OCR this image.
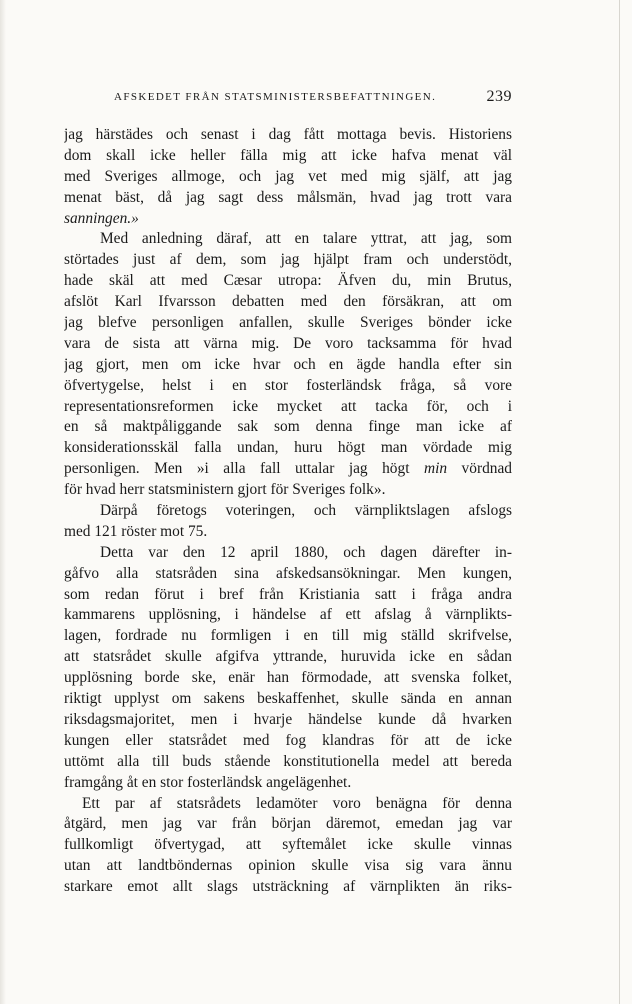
AFSKEDET FRÅN STATSMINISTERSBEFATTNINGEN.	239
jag härstädes och senast i dag fått mottaga bevis. Historiens
dom skall icke heller fälla mig att icke hafva menat väl
med Sveriges allmoge, och jag vet med mig själf, att jag
menat bäst, då jag sagt dess målsmän, hvad jag trott vara
sanningen.»
Med anledning däraf, att en talare yttrat, att jag, som
störtades just af dem, som jag hjälpt fram och understödt,
hade skäl att med Cæsar utropa: Äfven du, min Brutus,
afslöt Karl Ifvarsson debatten med den försäkran, att om
jag blefve personligen anfallen, skulle Sveriges bönder icke
vara de sista att värna mig. De voro tacksamma för hvad
jag gjort, men om icke hvar och en ägde handla efter sin
öfvertygelse, helst i en stor fosterländsk fråga, så vore
representationsreformen icke mycket att tacka för, och i
en så maktpåliggande sak som denna finge man icke af
konsiderationsskäl falla undan, huru högt man vördade mig
personligen. Men »i alla fall uttalar jag högt min vördnad
för hvad herr statsministern gjort för Sveriges folk».
Därpå företogs voteringen, och värnpliktslagen afslogs
med 121 röster mot 75.
Detta var den 12 april 1880, och dagen därefter in-
gåfvo alla statsråden sina afskedsansökningar. Men kungen,
som redan förut i bref från Kristiania satt i fråga andra
kammarens upplösning, i händelse af ett afslag å värnplikts-
lagen, fordrade nu formligen i en till mig ställd skrifvelse,
att statsrådet skulle afgifva yttrande, huruvida icke en sådan
upplösning borde ske, enär han förmodade, att svenska folket,
riktigt upplyst om sakens beskaffenhet, skulle sända en annan
riksdagsmajoritet, men i hvarje händelse kunde då hvarken
kungen eller statsrådet med fog klandras för att de icke
uttömt alla till buds stående konstitutionella medel att bereda
framgång åt en stor fosterländsk angelägenhet.
Ett par af statsrådets ledamöter voro benägna för denna
åtgärd, men jag var från början däremot, emedan jag var
fullkomligt öfvertygad, att syftemålet icke skulle vinnas
utan att landtböndernas opinion skulle visa sig vara ännu
starkare emot allt slags utsträckning af värnplikten än riks-
